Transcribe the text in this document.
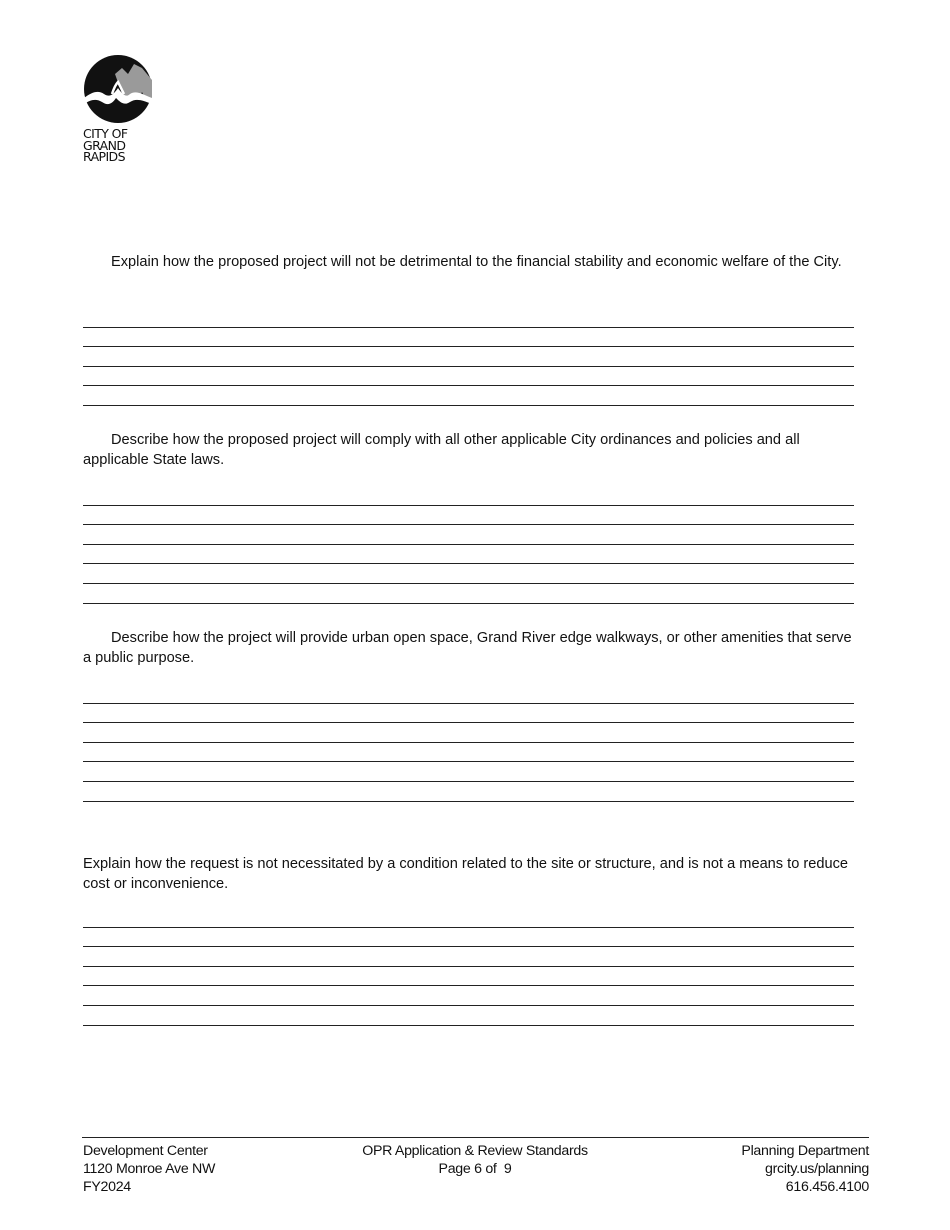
CITY OF
GRAND
RAPIDS
Explain how the proposed project will not be detrimental to the financial stability and economic welfare of the City.
Describe how the proposed project will comply with all other applicable City ordinances and policies and all applicable State laws.
Describe how the project will provide urban open space, Grand River edge walkways, or other amenities that serve a public purpose.
Explain how the request is not necessitated by a condition related to the site or structure, and is not a means to reduce cost or inconvenience.
Development Center
1120 Monroe Ave NW
FY2024
OPR Application & Review Standards
Page 6 of  9
Planning Department
grcity.us/planning
616.456.4100
